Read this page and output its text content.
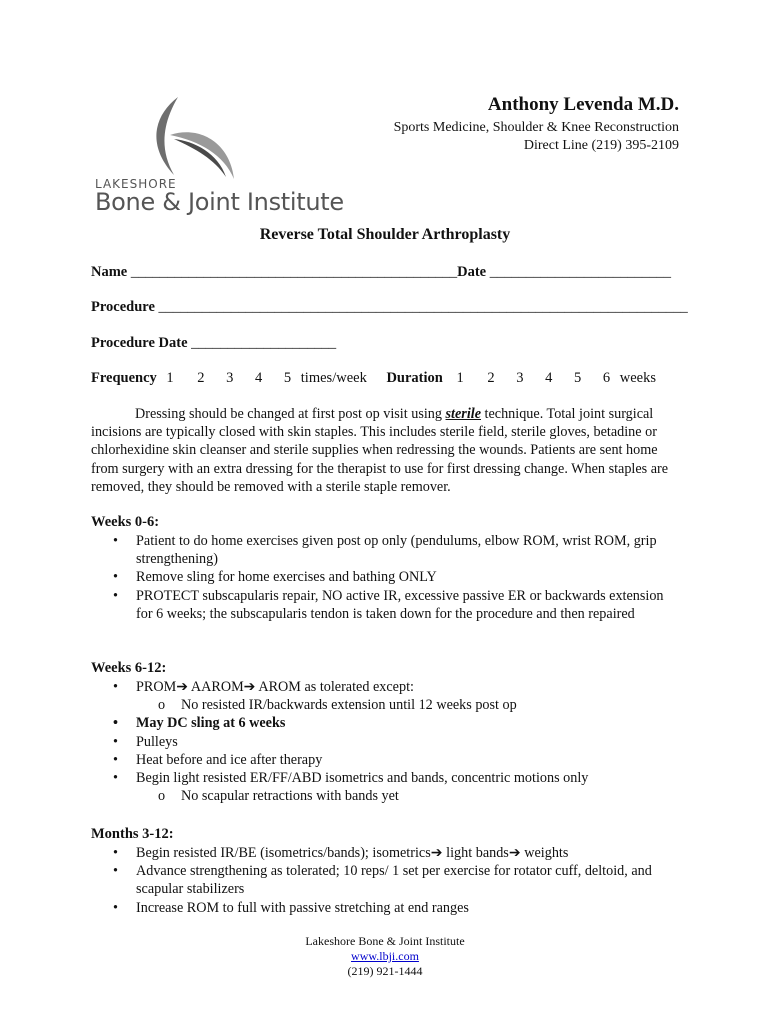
LAKESHORE
Bone & Joint Institute
Anthony Levenda M.D.
Sports Medicine, Shoulder & Knee Reconstruction
Direct Line (219) 395-2109
Reverse Total Shoulder Arthroplasty
Name _____________________________________________Date _________________________
Procedure _________________________________________________________________________
Procedure Date ____________________
Frequency 1 2 3 4 5 times/week Duration 1 2 3 4 5 6 weeks
Dressing should be changed at first post op visit using sterile technique. Total joint surgical incisions are typically closed with skin staples. This includes sterile field, sterile gloves, betadine or chlorhexidine skin cleanser and sterile supplies when redressing the wounds. Patients are sent home from surgery with an extra dressing for the therapist to use for first dressing change. When staples are removed, they should be removed with a sterile staple remover.
Weeks 0-6:
• Patient to do home exercises given post op only (pendulums, elbow ROM, wrist ROM, grip strengthening)
• Remove sling for home exercises and bathing ONLY
• PROTECT subscapularis repair, NO active IR, excessive passive ER or backwards extension for 6 weeks; the subscapularis tendon is taken down for the procedure and then repaired
Weeks 6-12:
• PROM➔ AAROM➔ AROM as tolerated except:
o No resisted IR/backwards extension until 12 weeks post op
• May DC sling at 6 weeks
• Pulleys
• Heat before and ice after therapy
• Begin light resisted ER/FF/ABD isometrics and bands, concentric motions only
o No scapular retractions with bands yet
Months 3-12:
• Begin resisted IR/BE (isometrics/bands); isometrics➔ light bands➔ weights
• Advance strengthening as tolerated; 10 reps/ 1 set per exercise for rotator cuff, deltoid, and scapular stabilizers
• Increase ROM to full with passive stretching at end ranges
Lakeshore Bone & Joint Institute
www.lbji.com
(219) 921-1444
